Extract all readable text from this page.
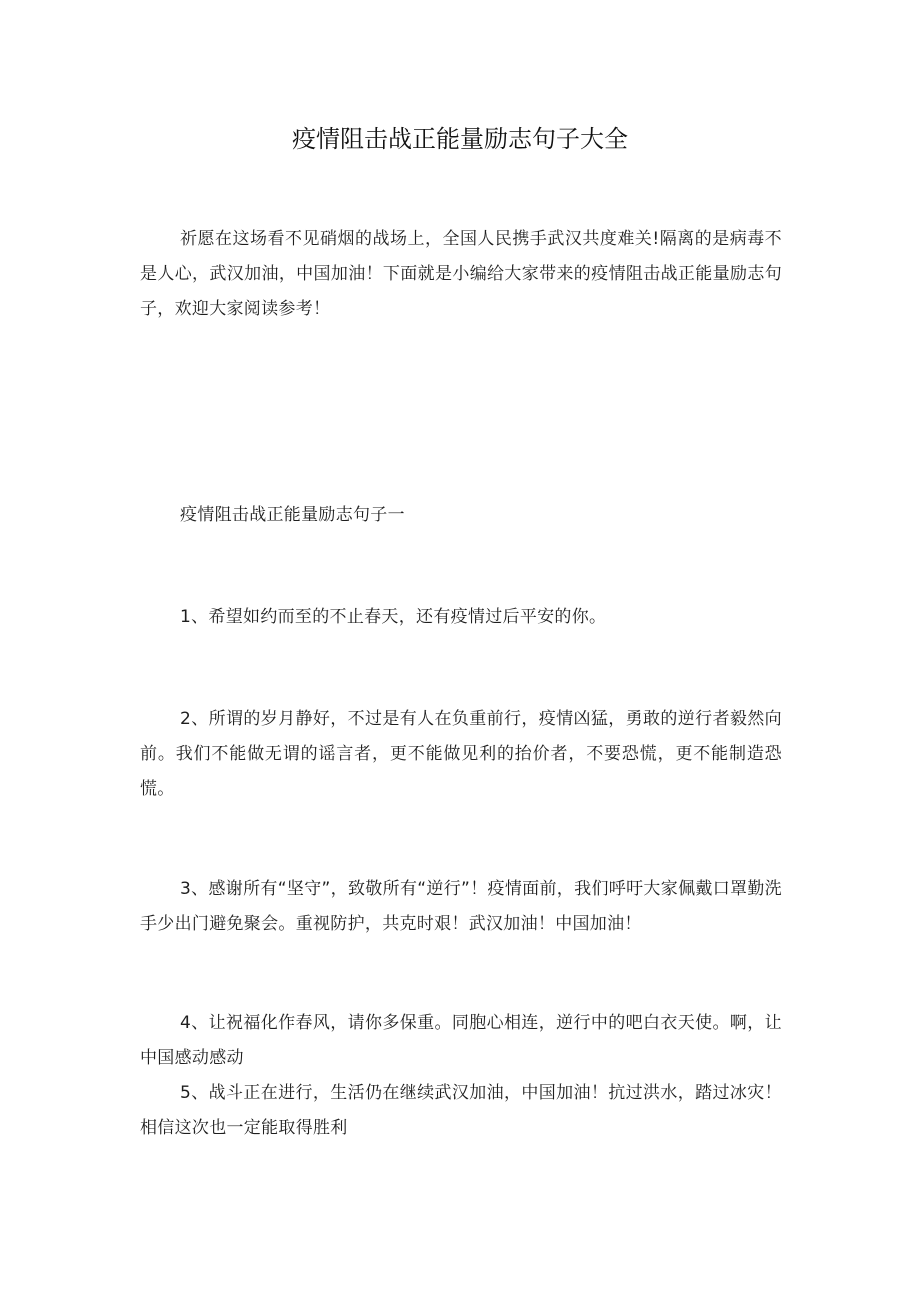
疫情阻击战正能量励志句子大全

祈愿在这场看不见硝烟的战场上，全国人民携手武汉共度难关!隔离的是病毒不是人心，武汉加油，中国加油！下面就是小编给大家带来的疫情阻击战正能量励志句子，欢迎大家阅读参考！

疫情阻击战正能量励志句子一

1、希望如约而至的不止春天，还有疫情过后平安的你。

2、所谓的岁月静好，不过是有人在负重前行，疫情凶猛，勇敢的逆行者毅然向前。我们不能做无谓的谣言者，更不能做见利的抬价者，不要恐慌，更不能制造恐慌。

3、感谢所有“坚守”，致敬所有“逆行”！疫情面前，我们呼吁大家佩戴口罩勤洗手少出门避免聚会。重视防护，共克时艰！武汉加油！中国加油！

4、让祝福化作春风，请你多保重。同胞心相连，逆行中的吧白衣天使。啊，让中国感动感动

5、战斗正在进行，生活仍在继续武汉加油，中国加油！抗过洪水，踏过冰灾！相信这次也一定能取得胜利
